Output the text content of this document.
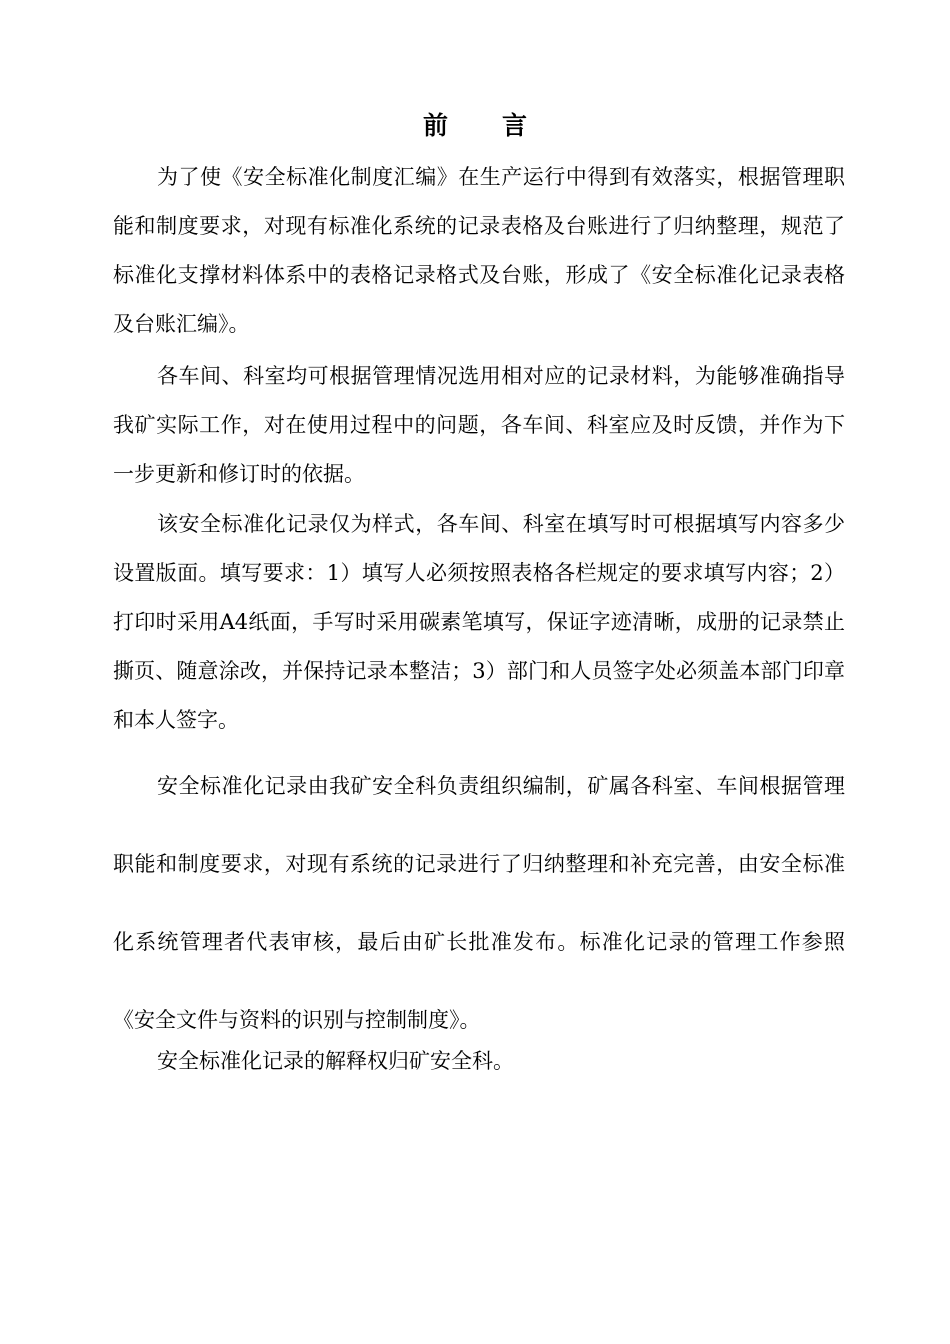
前言

为了使《安全标准化制度汇编》在生产运行中得到有效落实，根据管理职能和制度要求，对现有标准化系统的记录表格及台账进行了归纳整理，规范了标准化支撑材料体系中的表格记录格式及台账，形成了《安全标准化记录表格及台账汇编》。

各车间、科室均可根据管理情况选用相对应的记录材料，为能够准确指导我矿实际工作，对在使用过程中的问题，各车间、科室应及时反馈，并作为下一步更新和修订时的依据。

该安全标准化记录仅为样式，各车间、科室在填写时可根据填写内容多少设置版面。填写要求：1）填写人必须按照表格各栏规定的要求填写内容；2）打印时采用A4纸面，手写时采用碳素笔填写，保证字迹清晰，成册的记录禁止撕页、随意涂改，并保持记录本整洁；3）部门和人员签字处必须盖本部门印章和本人签字。

安全标准化记录由我矿安全科负责组织编制，矿属各科室、车间根据管理职能和制度要求，对现有系统的记录进行了归纳整理和补充完善，由安全标准化系统管理者代表审核，最后由矿长批准发布。标准化记录的管理工作参照《安全文件与资料的识别与控制制度》。

安全标准化记录的解释权归矿安全科。
